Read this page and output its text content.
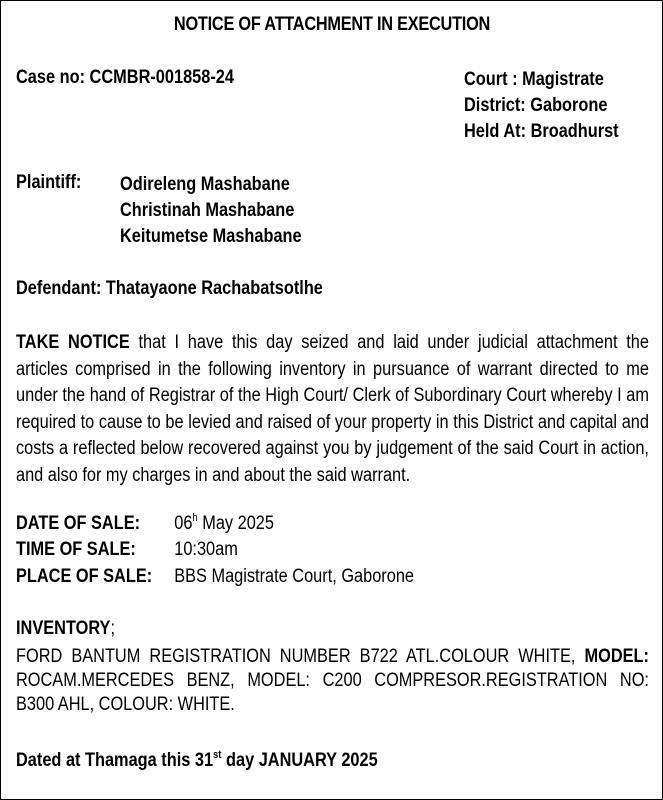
NOTICE OF ATTACHMENT IN EXECUTION
Case no: CCMBR-001858-24	Court : Magistrate
District: Gaborone
Held At: Broadhurst
Plaintiff: Odireleng Mashabane
Christinah Mashabane
Keitumetse Mashabane
Defendant: Thatayaone Rachabatsotlhe
TAKE NOTICE that I have this day seized and laid under judicial attachment the articles comprised in the following inventory in pursuance of warrant directed to me under the hand of Registrar of the High Court/ Clerk of Subordinary Court whereby I am required to cause to be levied and raised of your property in this District and capital and costs a reflected below recovered against you by judgement of the said Court in action, and also for my charges in and about the said warrant.
DATE OF SALE: 06$^h$ May 2025
TIME OF SALE: 10:30am
PLACE OF SALE: BBS Magistrate Court, Gaborone
INVENTORY;
FORD BANTUM REGISTRATION NUMBER B722 ATL.COLOUR WHITE, MODEL: ROCAM.MERCEDES BENZ, MODEL: C200 COMPRESOR.REGISTRATION NO: B300 AHL, COLOUR: WHITE.
Dated at Thamaga this 31st day JANUARY 2025
